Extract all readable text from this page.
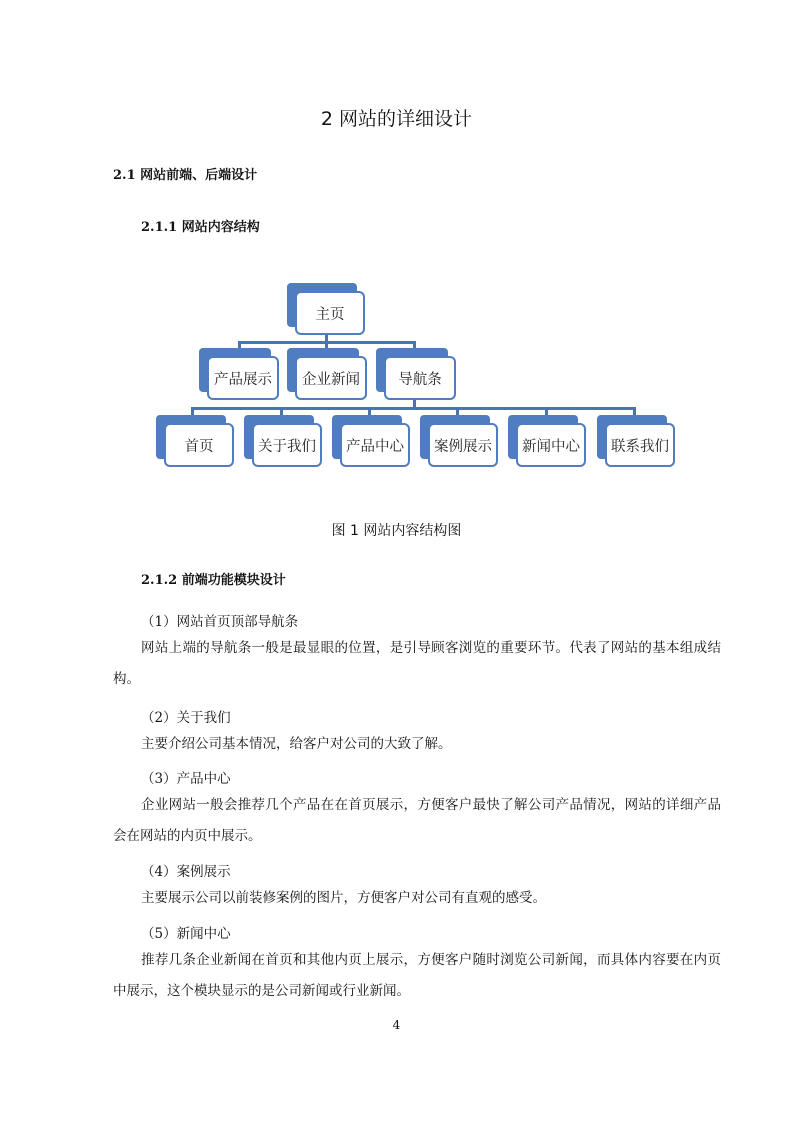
2 网站的详细设计
2.1 网站前端、后端设计
2.1.1 网站内容结构
主页
产品展示	企业新闻	导航条
首页	关于我们	产品中心	案例展示	新闻中心	联系我们
图 1 网站内容结构图
2.1.2 前端功能模块设计
（1）网站首页顶部导航条
网站上端的导航条一般是最显眼的位置，是引导顾客浏览的重要环节。代表了网站的基本组成结构。
（2）关于我们
主要介绍公司基本情况，给客户对公司的大致了解。
（3）产品中心
企业网站一般会推荐几个产品在在首页展示，方便客户最快了解公司产品情况，网站的详细产品会在网站的内页中展示。
（4）案例展示
主要展示公司以前装修案例的图片，方便客户对公司有直观的感受。
（5）新闻中心
推荐几条企业新闻在首页和其他内页上展示，方便客户随时浏览公司新闻，而具体内容要在内页中展示，这个模块显示的是公司新闻或行业新闻。
4
